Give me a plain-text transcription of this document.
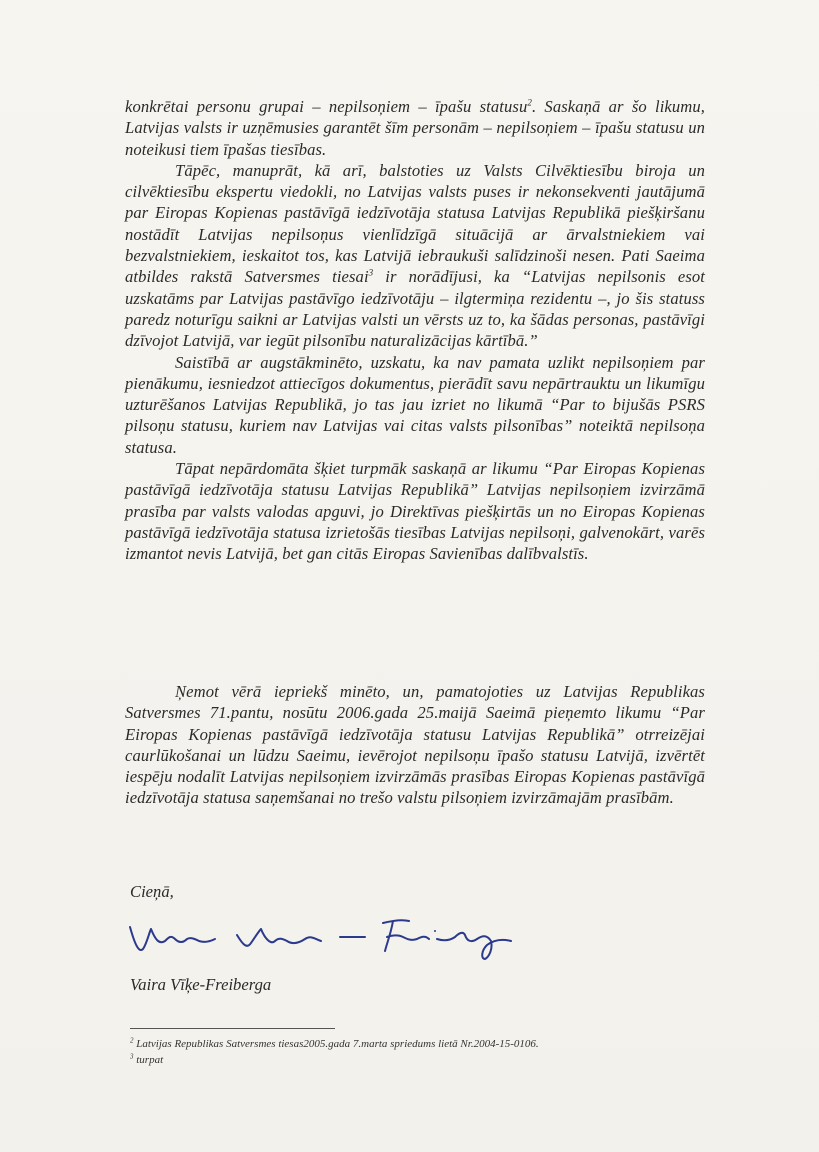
konkrētai personu grupai – nepilsoņiem – īpašu statusu$^2$. Saskaņā ar šo likumu, Latvijas valsts ir uzņēmusies garantēt šīm personām – nepilsoņiem – īpašu statusu un noteikusi tiem īpašas tiesības.

Tāpēc, manuprāt, kā arī, balstoties uz Valsts Cilvēktiesību biroja un cilvēktiesību ekspertu viedokli, no Latvijas valsts puses ir nekonsekventi jautājumā par Eiropas Kopienas pastāvīgā iedzīvotāja statusa Latvijas Republikā piešķiršanu nostādīt Latvijas nepilsoņus vienlīdzīgā situācijā ar ārvalstniekiem vai bezvalstniekiem, ieskaitot tos, kas Latvijā iebraukuši salīdzinoši nesen. Pati Saeima atbildes rakstā Satversmes tiesai$^3$ ir norādījusi, ka “Latvijas nepilsonis esot uzskatāms par Latvijas pastāvīgo iedzīvotāju – ilgtermiņa rezidentu –, jo šis statuss paredz noturīgu saikni ar Latvijas valsti un vērsts uz to, ka šādas personas, pastāvīgi dzīvojot Latvijā, var iegūt pilsonību naturalizācijas kārtībā.”

Saistībā ar augstākminēto, uzskatu, ka nav pamata uzlikt nepilsoņiem par pienākumu, iesniedzot attiecīgos dokumentus, pierādīt savu nepārtrauktu un likumīgu uzturēšanos Latvijas Republikā, jo tas jau izriet no likumā “Par to bijušās PSRS pilsoņu statusu, kuriem nav Latvijas vai citas valsts pilsonības” noteiktā nepilsoņa statusa.

Tāpat nepārdomāta šķiet turpmāk saskaņā ar likumu “Par Eiropas Kopienas pastāvīgā iedzīvotāja statusu Latvijas Republikā” Latvijas nepilsoņiem izvirzāmā prasība par valsts valodas apguvi, jo Direktīvas piešķirtās un no Eiropas Kopienas pastāvīgā iedzīvotāja statusa izrietošās tiesības Latvijas nepilsoņi, galvenokārt, varēs izmantot nevis Latvijā, bet gan citās Eiropas Savienības dalībvalstīs.

Ņemot vērā iepriekš minēto, un, pamatojoties uz Latvijas Republikas Satversmes 71.pantu, nosūtu 2006.gada 25.maijā Saeimā pieņemto likumu “Par Eiropas Kopienas pastāvīgā iedzīvotāja statusu Latvijas Republikā” otrreizējai caurlūkošanai un lūdzu Saeimu, ievērojot nepilsoņu īpašo statusu Latvijā, izvērtēt iespēju nodalīt Latvijas nepilsoņiem izvirzāmās prasības Eiropas Kopienas pastāvīgā iedzīvotāja statusa saņemšanai no trešo valstu pilsoņiem izvirzāmajām prasībām.

Cieņā,
Vaira Vīķe-Freiberga
$^2$ Latvijas Republikas Satversmes tiesas2005.gada 7.marta spriedums lietā Nr.2004-15-0106.
$^3$ turpat
